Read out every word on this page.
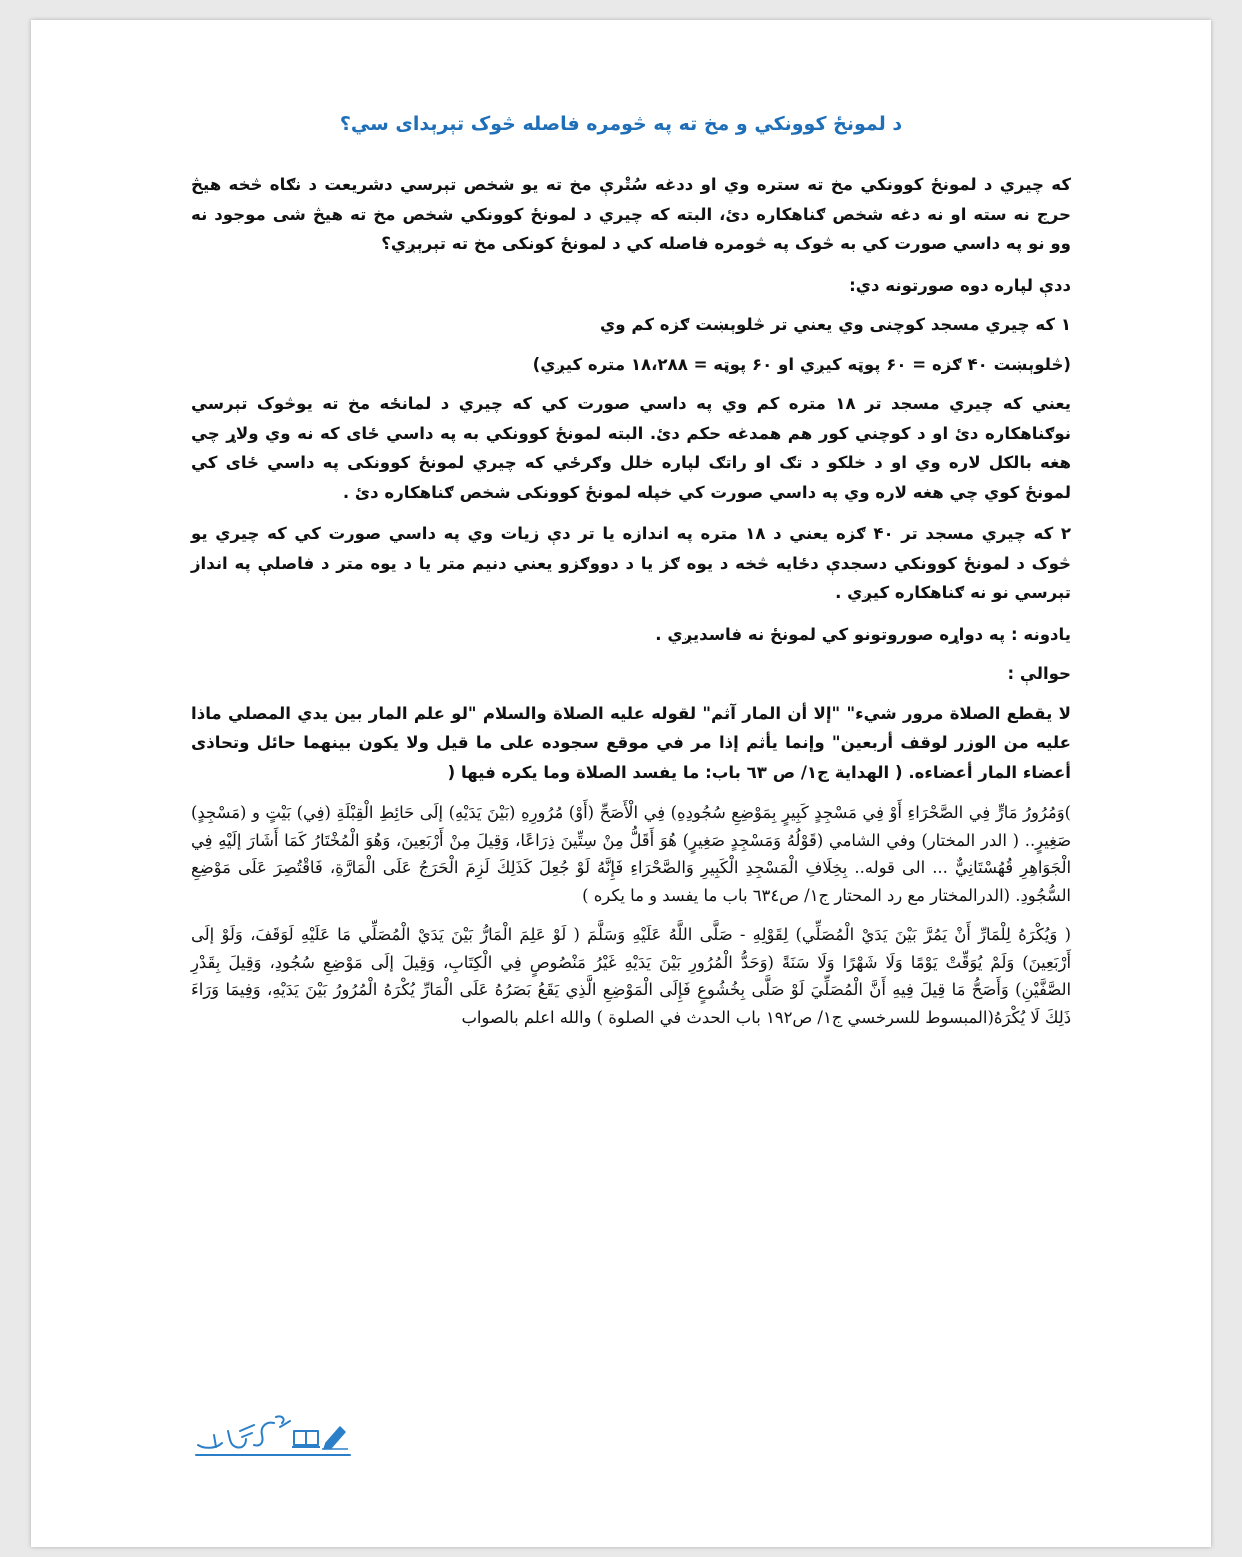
د لمونځ کوونکي و مخ ته په څومره فاصله څوک تېرېدای سي؟

که چیري د لمونځ کوونکي مخ ته ستره وي او ددغه سُتْرې مخ ته یو شخص تېرسي دشریعت د نګاه څخه هیڅ حرج نه سته او نه دغه شخص ګناهکاره دئ، البته که چیري د لمونځ کوونکي شخص مخ ته هیڅ شی موجود نه وو نو په داسي صورت کي به څوک په څومره فاصله کي د لمونځ کونکی مخ ته تېرېږي؟

ددې لپاره دوه صورتونه دي:

۱ که چیري مسجد کوچنی وي یعني تر څلوېښت ګزه کم وي

(څلوېښت ۴۰ ګزه = ۶۰ پوټه کیږي او ۶۰ پوټه = ۱۸،۲۸۸ متره کیږي)

یعني که چیري مسجد تر ۱۸ متره کم وي په داسي صورت کي که چیري د لمانځه مخ ته یوڅوک تېرسي نوګناهکاره دئ او د کوچني کور هم همدغه حکم دئ. البته لمونځ کوونکي به په داسي ځای که نه وي ولاړ چي هغه بالکل لاره وي او د خلکو د تګ او راتګ لپاره خلل وګرځي که چیري لمونځ کوونکی په داسي ځای کي لمونځ کوي چي هغه لاره وي په داسي صورت کي خپله لمونځ کوونکی شخص ګناهکاره دئ .

۲ که چیري مسجد تر ۴۰ ګزه یعني د ۱۸ متره په اندازه یا تر دې زیات وي په داسي صورت کي که چیري یو څوک د لمونځ کوونکي دسجدې دځایه څخه د یوه ګز یا د دووګزو یعني دنیم متر یا د یوه متر د فاصلې په انداز تېرسي نو نه ګناهکاره کیږي .

یادونه : په دواړه صوروتونو کي لمونځ نه فاسدیږي .

حوالې :

لا يقطع الصلاة مرور شيء" "إلا أن المار آثم" لقوله عليه الصلاة والسلام "لو علم المار بين يدي المصلي ماذا عليه من الوزر لوقف أربعين" وإنما يأثم إذا مر في موقع سجوده على ما قيل ولا يكون بينهما حائل وتحاذى أعضاء المار أعضاءه. ( الهداية ج١/ ص ٦٣ باب: ما يفسد الصلاة وما يكره فيها (

)وَمُرُورُ مَارٍّ فِي الصَّحْرَاءِ أَوْ فِي مَسْجِدٍ كَبِيرٍ بِمَوْضِعِ سُجُودِهِ) فِي الْأَصَحِّ (أَوْ) مُرُورِهِ (بَيْنَ يَدَيْهِ) إلَى حَائِطِ الْقِبْلَةِ (فِي) بَيْتٍ و (مَسْجِدٍ) صَغِيرٍ.. ( الدر المختار) وفي الشامي (قَوْلُهُ وَمَسْجِدٍ صَغِيرٍ) هُوَ أَقَلُّ مِنْ سِتِّينَ ذِرَاعًا، وَقِيلَ مِنْ أَرْبَعِينَ، وَهُوَ الْمُخْتَارُ كَمَا أَشَارَ إلَيْهِ فِي الْجَوَاهِرِ قُهُسْتَانِيٌّ ... الى قوله.. بِخِلَافِ الْمَسْجِدِ الْكَبِيرِ وَالصَّحْرَاءِ فَإِنَّهُ لَوْ جُعِلَ كَذَلِكَ لَزِمَ الْحَرَجُ عَلَى الْمَارَّةِ، فَاقْتُصِرَ عَلَى مَوْضِعِ السُّجُودِ. (الدرالمختار مع رد المحتار ج١/ ص٦٣٤ باب ما يفسد و ما يكره )

( وَيُكْرَهُ لِلْمَارِّ أَنْ يَمُرَّ بَيْنَ يَدَيْ الْمُصَلِّي) لِقَوْلِهِ - صَلَّى اللَّهُ عَلَيْهِ وَسَلَّمَ ( لَوْ عَلِمَ الْمَارُّ بَيْنَ يَدَيْ الْمُصَلِّي مَا عَلَيْهِ لَوَقَفَ، وَلَوْ إلَى أَرْبَعِينَ) وَلَمْ يُوَقِّتْ يَوْمًا وَلَا شَهْرًا وَلَا سَنَةً (وَحَدُّ الْمُرُورِ بَيْنَ يَدَيْهِ غَيْرُ مَنْصُوصٍ فِي الْكِتَابِ، وَقِيلَ إلَى مَوْضِعِ سُجُودِ، وَقِيلَ بِقَدْرِ الصَّفَّيْنِ) وَأَصَحُّ مَا قِيلَ فِيهِ أَنَّ الْمُصَلِّيَ لَوْ صَلَّى بِخُشُوعٍ فَإِلَى الْمَوْضِعِ الَّذِي يَقَعُ بَصَرُهُ عَلَى الْمَارِّ يُكْرَهُ الْمُرُورُ بَيْنَ يَدَيْهِ، وَفِيمَا وَرَاءَ ذَلِكَ لَا يُكْرَهُ(المبسوط للسرخسي ج١/ ص١٩٢ باب الحدث في الصلوة ) والله اعلم بالصواب
